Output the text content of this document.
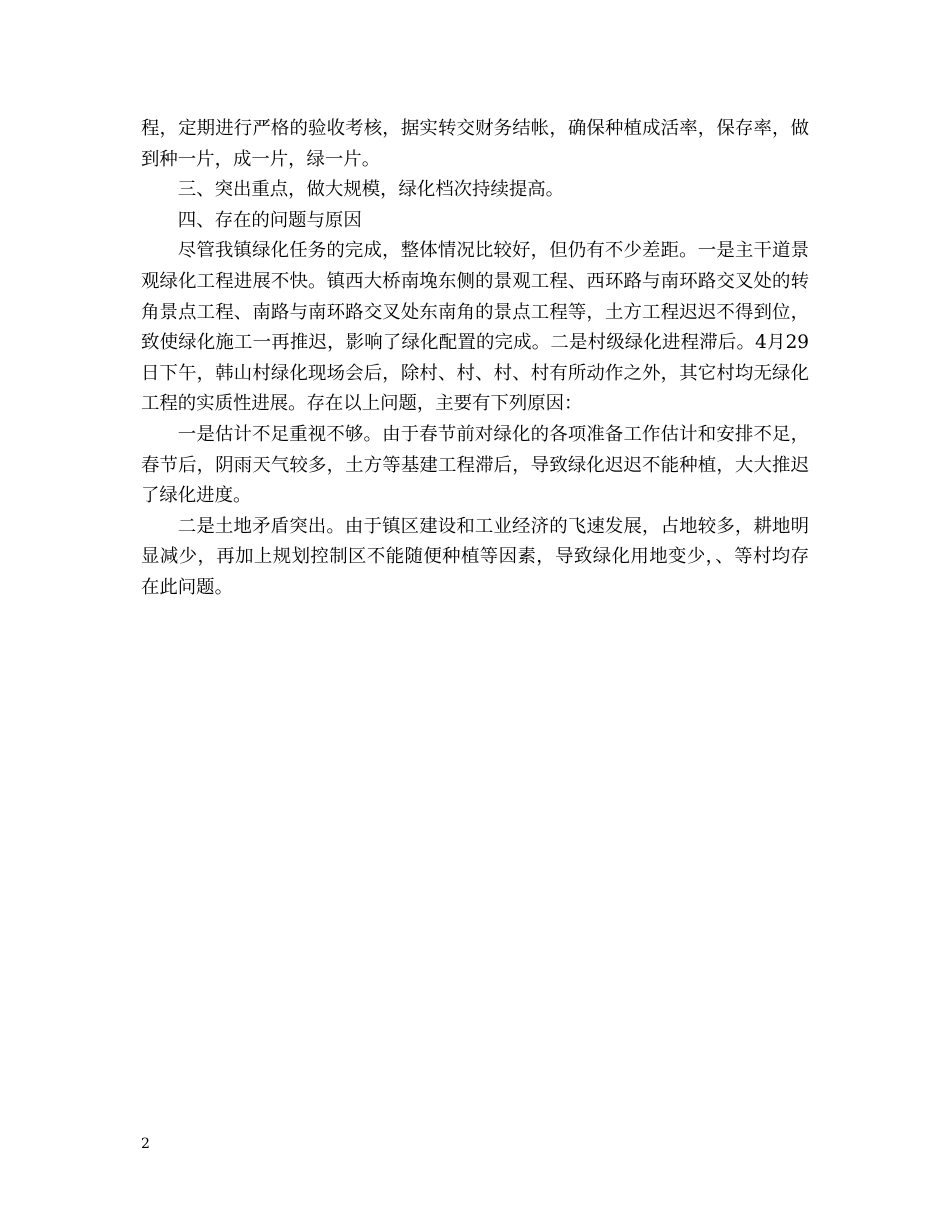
程，定期进行严格的验收考核，据实转交财务结帐，确保种植成活率，保存率，做到种一片，成一片，绿一片。

三、突出重点，做大规模，绿化档次持续提高。

四、存在的问题与原因

尽管我镇绿化任务的完成，整体情况比较好，但仍有不少差距。一是主干道景观绿化工程进展不快。镇西大桥南堍东侧的景观工程、西环路与南环路交叉处的转角景点工程、南路与南环路交叉处东南角的景点工程等，土方工程迟迟不得到位，致使绿化施工一再推迟，影响了绿化配置的完成。二是村级绿化进程滞后。4月29日下午，韩山村绿化现场会后，除村、村、村、村有所动作之外，其它村均无绿化工程的实质性进展。存在以上问题，主要有下列原因：

一是估计不足重视不够。由于春节前对绿化的各项准备工作估计和安排不足，春节后，阴雨天气较多，土方等基建工程滞后，导致绿化迟迟不能种植，大大推迟了绿化进度。

二是土地矛盾突出。由于镇区建设和工业经济的飞速发展，占地较多，耕地明显减少，再加上规划控制区不能随便种植等因素，导致绿化用地变少，、等村均存在此问题。

2
